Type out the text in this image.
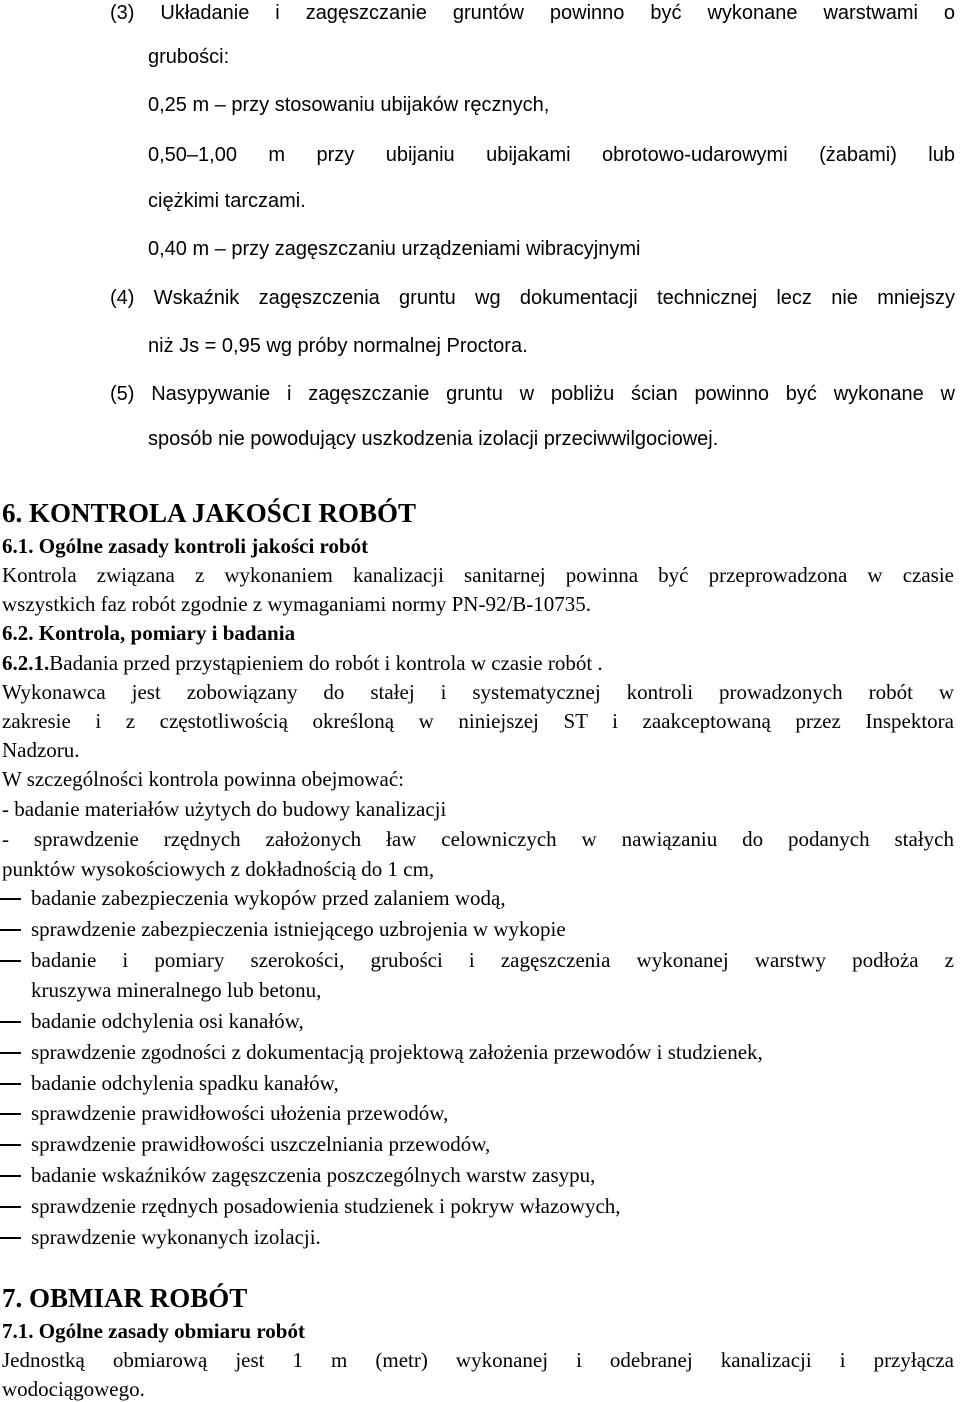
(3) Układanie i zagęszczanie gruntów powinno być wykonane warstwami o
grubości:
0,25 m – przy stosowaniu ubijaków ręcznych,
0,50–1,00 m przy ubijaniu ubijakami obrotowo-udarowymi (żabami) lub
ciężkimi tarczami.
0,40 m – przy zagęszczaniu urządzeniami wibracyjnymi
(4) Wskaźnik zagęszczenia gruntu wg dokumentacji technicznej lecz nie mniejszy
niż Js = 0,95 wg próby normalnej Proctora.
(5) Nasypywanie i zagęszczanie gruntu w pobliżu ścian powinno być wykonane w
sposób nie powodujący uszkodzenia izolacji przeciwwilgociowej.
6. KONTROLA JAKOŚCI ROBÓT
6.1. Ogólne zasady kontroli jakości robót
Kontrola związana z wykonaniem kanalizacji sanitarnej powinna być przeprowadzona w czasie
wszystkich faz robót zgodnie z wymaganiami normy PN-92/B-10735.
6.2. Kontrola, pomiary i badania
6.2.1.Badania przed przystąpieniem do robót i kontrola w czasie robót .
Wykonawca jest zobowiązany do stałej i systematycznej kontroli prowadzonych robót w
zakresie i z częstotliwością określoną w niniejszej ST i zaakceptowaną przez Inspektora
Nadzoru.
W szczególności kontrola powinna obejmować:
- badanie materiałów użytych do budowy kanalizacji
- sprawdzenie rzędnych założonych ław celowniczych w nawiązaniu do podanych stałych
punktów wysokościowych z dokładnością do 1 cm,
badanie zabezpieczenia wykopów przed zalaniem wodą,
sprawdzenie zabezpieczenia istniejącego uzbrojenia w wykopie
badanie i pomiary szerokości, grubości i zagęszczenia wykonanej warstwy podłoża z
kruszywa mineralnego lub betonu,
badanie odchylenia osi kanałów,
sprawdzenie zgodności z dokumentacją projektową założenia przewodów i studzienek,
badanie odchylenia spadku kanałów,
sprawdzenie prawidłowości ułożenia przewodów,
sprawdzenie prawidłowości uszczelniania przewodów,
badanie wskaźników zagęszczenia poszczególnych warstw zasypu,
sprawdzenie rzędnych posadowienia studzienek i pokryw włazowych,
sprawdzenie wykonanych izolacji.
7. OBMIAR ROBÓT
7.1. Ogólne zasady obmiaru robót
Jednostką obmiarową jest 1 m (metr) wykonanej i odebranej kanalizacji i przyłącza
wodociągowego.
